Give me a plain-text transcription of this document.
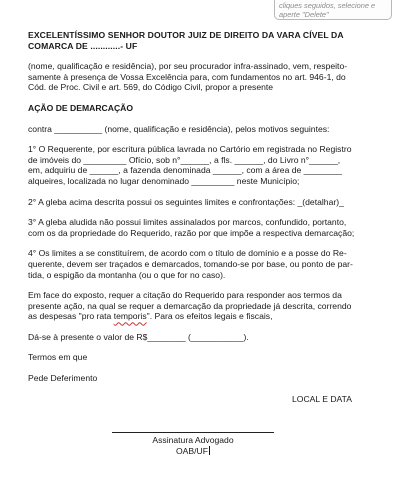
cliques seguidos, selecione e
aperte "Delete"
EXCELENTÍSSIMO SENHOR DOUTOR JUIZ DE DIREITO DA VARA CÍVEL DA
COMARCA DE ............- UF
(nome, qualificação e residência), por seu procurador infra-assinado, vem, respeito-
samente à presença de Vossa Excelência para, com fundamentos no art. 946-1, do
Cód. de Proc. Civil e art. 569, do Código Civil, propor a presente
AÇÃO DE DEMARCAÇÃO
contra __________ (nome, qualificação e residência), pelos motivos seguintes:
1° O Requerente, por escritura pública lavrada no Cartório em registrada no Registro
de imóveis do _________ Ofício, sob n°______, a fls. ______, do Livro n°______,
em, adquiriu de ______, a fazenda denominada ______, com a área de ________
alqueires, localizada no lugar denominado _________ neste Município;
2° A gleba acima descrita possui os seguintes limites e confrontações: _(detalhar)_
3° A gleba aludida não possui limites assinalados por marcos, confundido, portanto,
com os da propriedade do Requerido, razão por que impõe a respectiva demarcação;
4° Os limites a se constituírem, de acordo com o título de domínio e a posse do Re-
querente, devem ser traçados e demarcados, tomando-se por base, ou ponto de par-
tida, o espigão da montanha (ou o que for no caso).
Em face do exposto, requer a citação do Requerido para responder aos termos da
presente ação, na qual se requer a demarcação da propriedade já descrita, correndo
as despesas "pro rata temporis". Para os efeitos legais e fiscais,
Dá-se à presente o valor de R$________ (___________).
Termos em que
Pede Deferimento
LOCAL E DATA
Assinatura Advogado
OAB/UF
